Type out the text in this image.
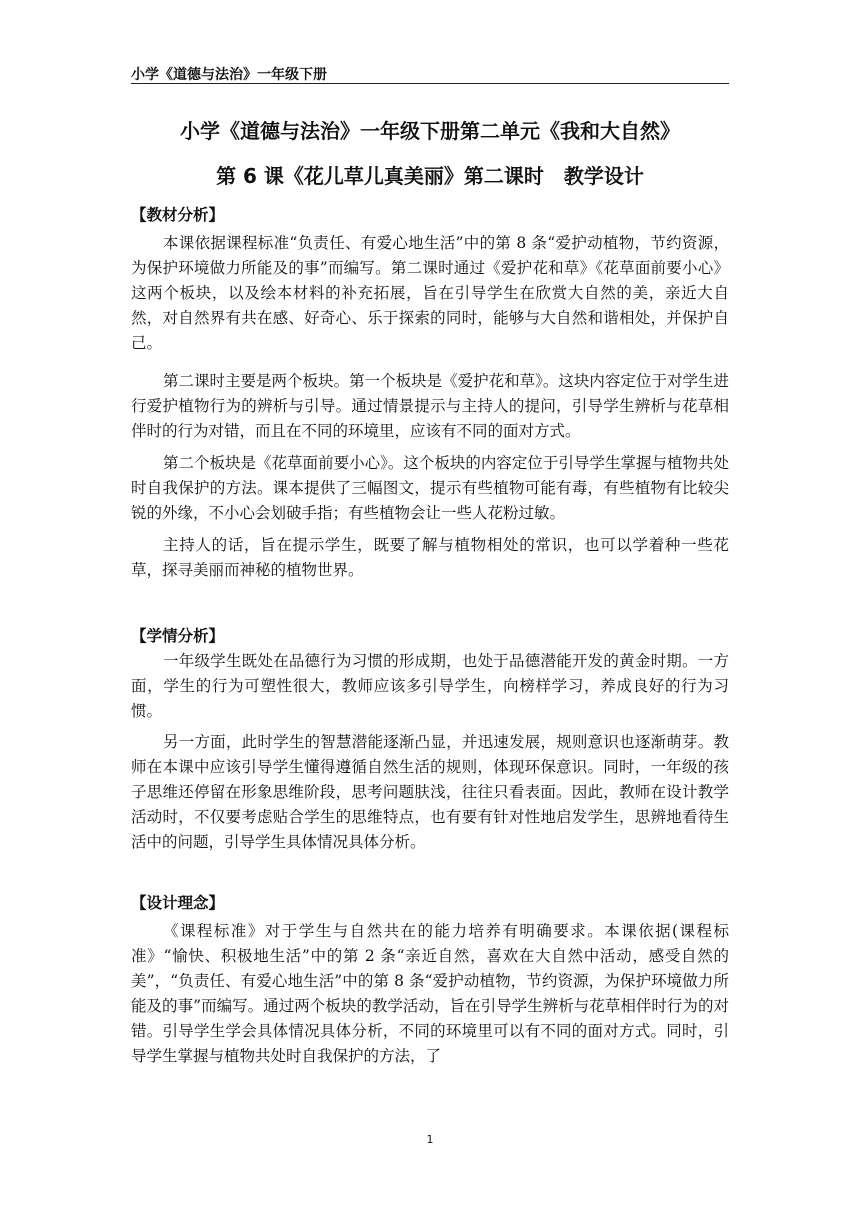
小学《道德与法治》一年级下册
小学《道德与法治》一年级下册第二单元《我和大自然》
第 6 课《花儿草儿真美丽》第二课时　教学设计
【教材分析】

本课依据课程标准“负责任、有爱心地生活”中的第 8 条“爱护动植物，节约资源，为保护环境做力所能及的事”而编写。第二课时通过《爱护花和草》《花草面前要小心》这两个板块，以及绘本材料的补充拓展，旨在引导学生在欣赏大自然的美，亲近大自然，对自然界有共在感、好奇心、乐于探索的同时，能够与大自然和谐相处，并保护自己。

第二课时主要是两个板块。第一个板块是《爱护花和草》。这块内容定位于对学生进行爱护植物行为的辨析与引导。通过情景提示与主持人的提问，引导学生辨析与花草相伴时的行为对错，而且在不同的环境里，应该有不同的面对方式。

第二个板块是《花草面前要小心》。这个板块的内容定位于引导学生掌握与植物共处时自我保护的方法。课本提供了三幅图文，提示有些植物可能有毒，有些植物有比较尖锐的外缘，不小心会划破手指；有些植物会让一些人花粉过敏。

主持人的话，旨在提示学生，既要了解与植物相处的常识，也可以学着种一些花草，探寻美丽而神秘的植物世界。

【学情分析】

一年级学生既处在品德行为习惯的形成期，也处于品德潜能开发的黄金时期。一方面，学生的行为可塑性很大，教师应该多引导学生，向榜样学习，养成良好的行为习惯。

另一方面，此时学生的智慧潜能逐渐凸显，并迅速发展，规则意识也逐渐萌芽。教师在本课中应该引导学生懂得遵循自然生活的规则，体现环保意识。同时，一年级的孩子思维还停留在形象思维阶段，思考问题肤浅，往往只看表面。因此，教师在设计教学活动时，不仅要考虑贴合学生的思维特点，也有要有针对性地启发学生，思辨地看待生活中的问题，引导学生具体情况具体分析。

【设计理念】

《课程标准》对于学生与自然共在的能力培养有明确要求。本课依据(课程标准》“愉快、积极地生活”中的第 2 条“亲近自然，喜欢在大自然中活动，感受自然的美”，“负责任、有爱心地生活”中的第 8 条“爱护动植物，节约资源，为保护环境做力所能及的事”而编写。通过两个板块的教学活动，旨在引导学生辨析与花草相伴时行为的对错。引导学生学会具体情况具体分析，不同的环境里可以有不同的面对方式。同时，引导学生掌握与植物共处时自我保护的方法，了

1
